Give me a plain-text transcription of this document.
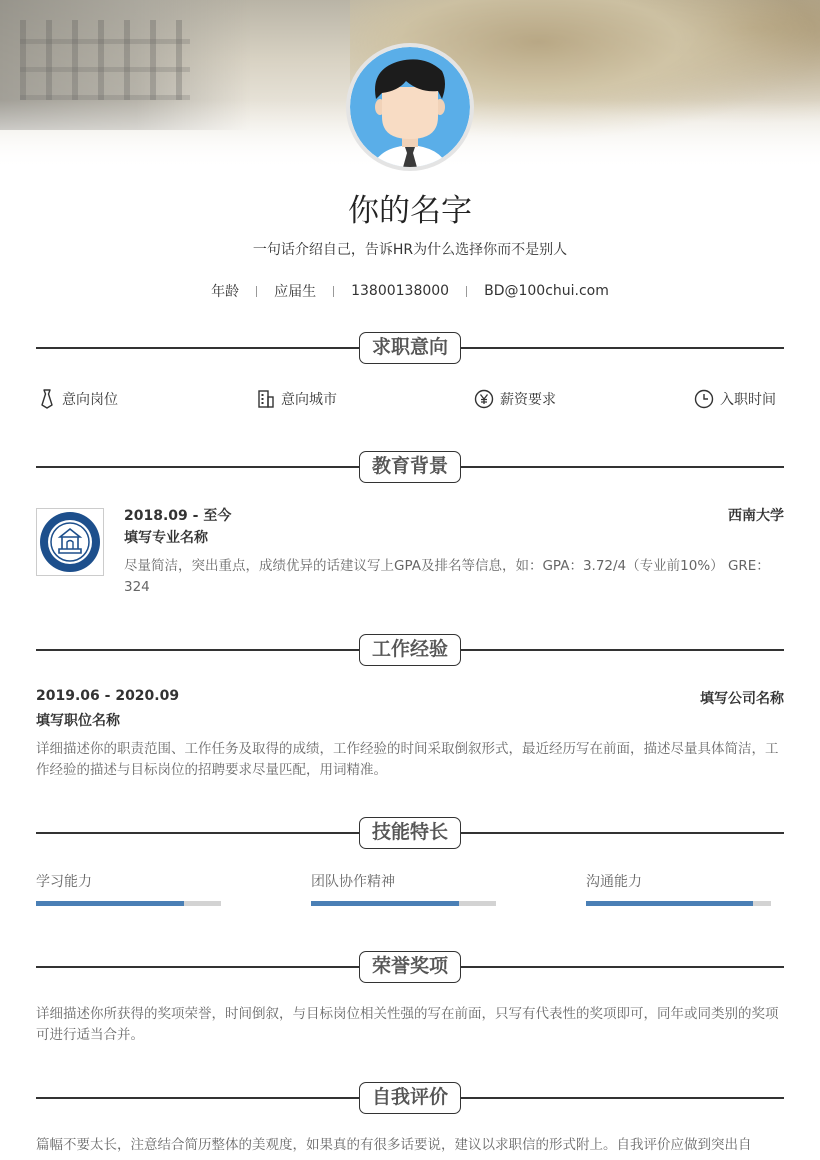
你的名字
一句话介绍自己，告诉HR为什么选择你而不是别人
年龄	应届生	13800138000	BD@100chui.com
求职意向
意向岗位	意向城市	薪资要求	入职时间
教育背景
2018.09 - 至今	西南大学
填写专业名称
尽量简洁，突出重点，成绩优异的话建议写上GPA及排名等信息，如：GPA：3.72/4（专业前10%） GRE：324
工作经验
2019.06 - 2020.09	填写公司名称
填写职位名称
详细描述你的职责范围、工作任务及取得的成绩，工作经验的时间采取倒叙形式，最近经历写在前面，描述尽量具体简洁，工作经验的描述与目标岗位的招聘要求尽量匹配，用词精准。
技能特长
学习能力	团队协作精神	沟通能力
荣誉奖项
详细描述你所获得的奖项荣誉，时间倒叙，与目标岗位相关性强的写在前面，只写有代表性的奖项即可，同年或同类别的奖项可进行适当合并。
自我评价
篇幅不要太长，注意结合简历整体的美观度，如果真的有很多话要说，建议以求职信的形式附上。自我评价应做到突出自
